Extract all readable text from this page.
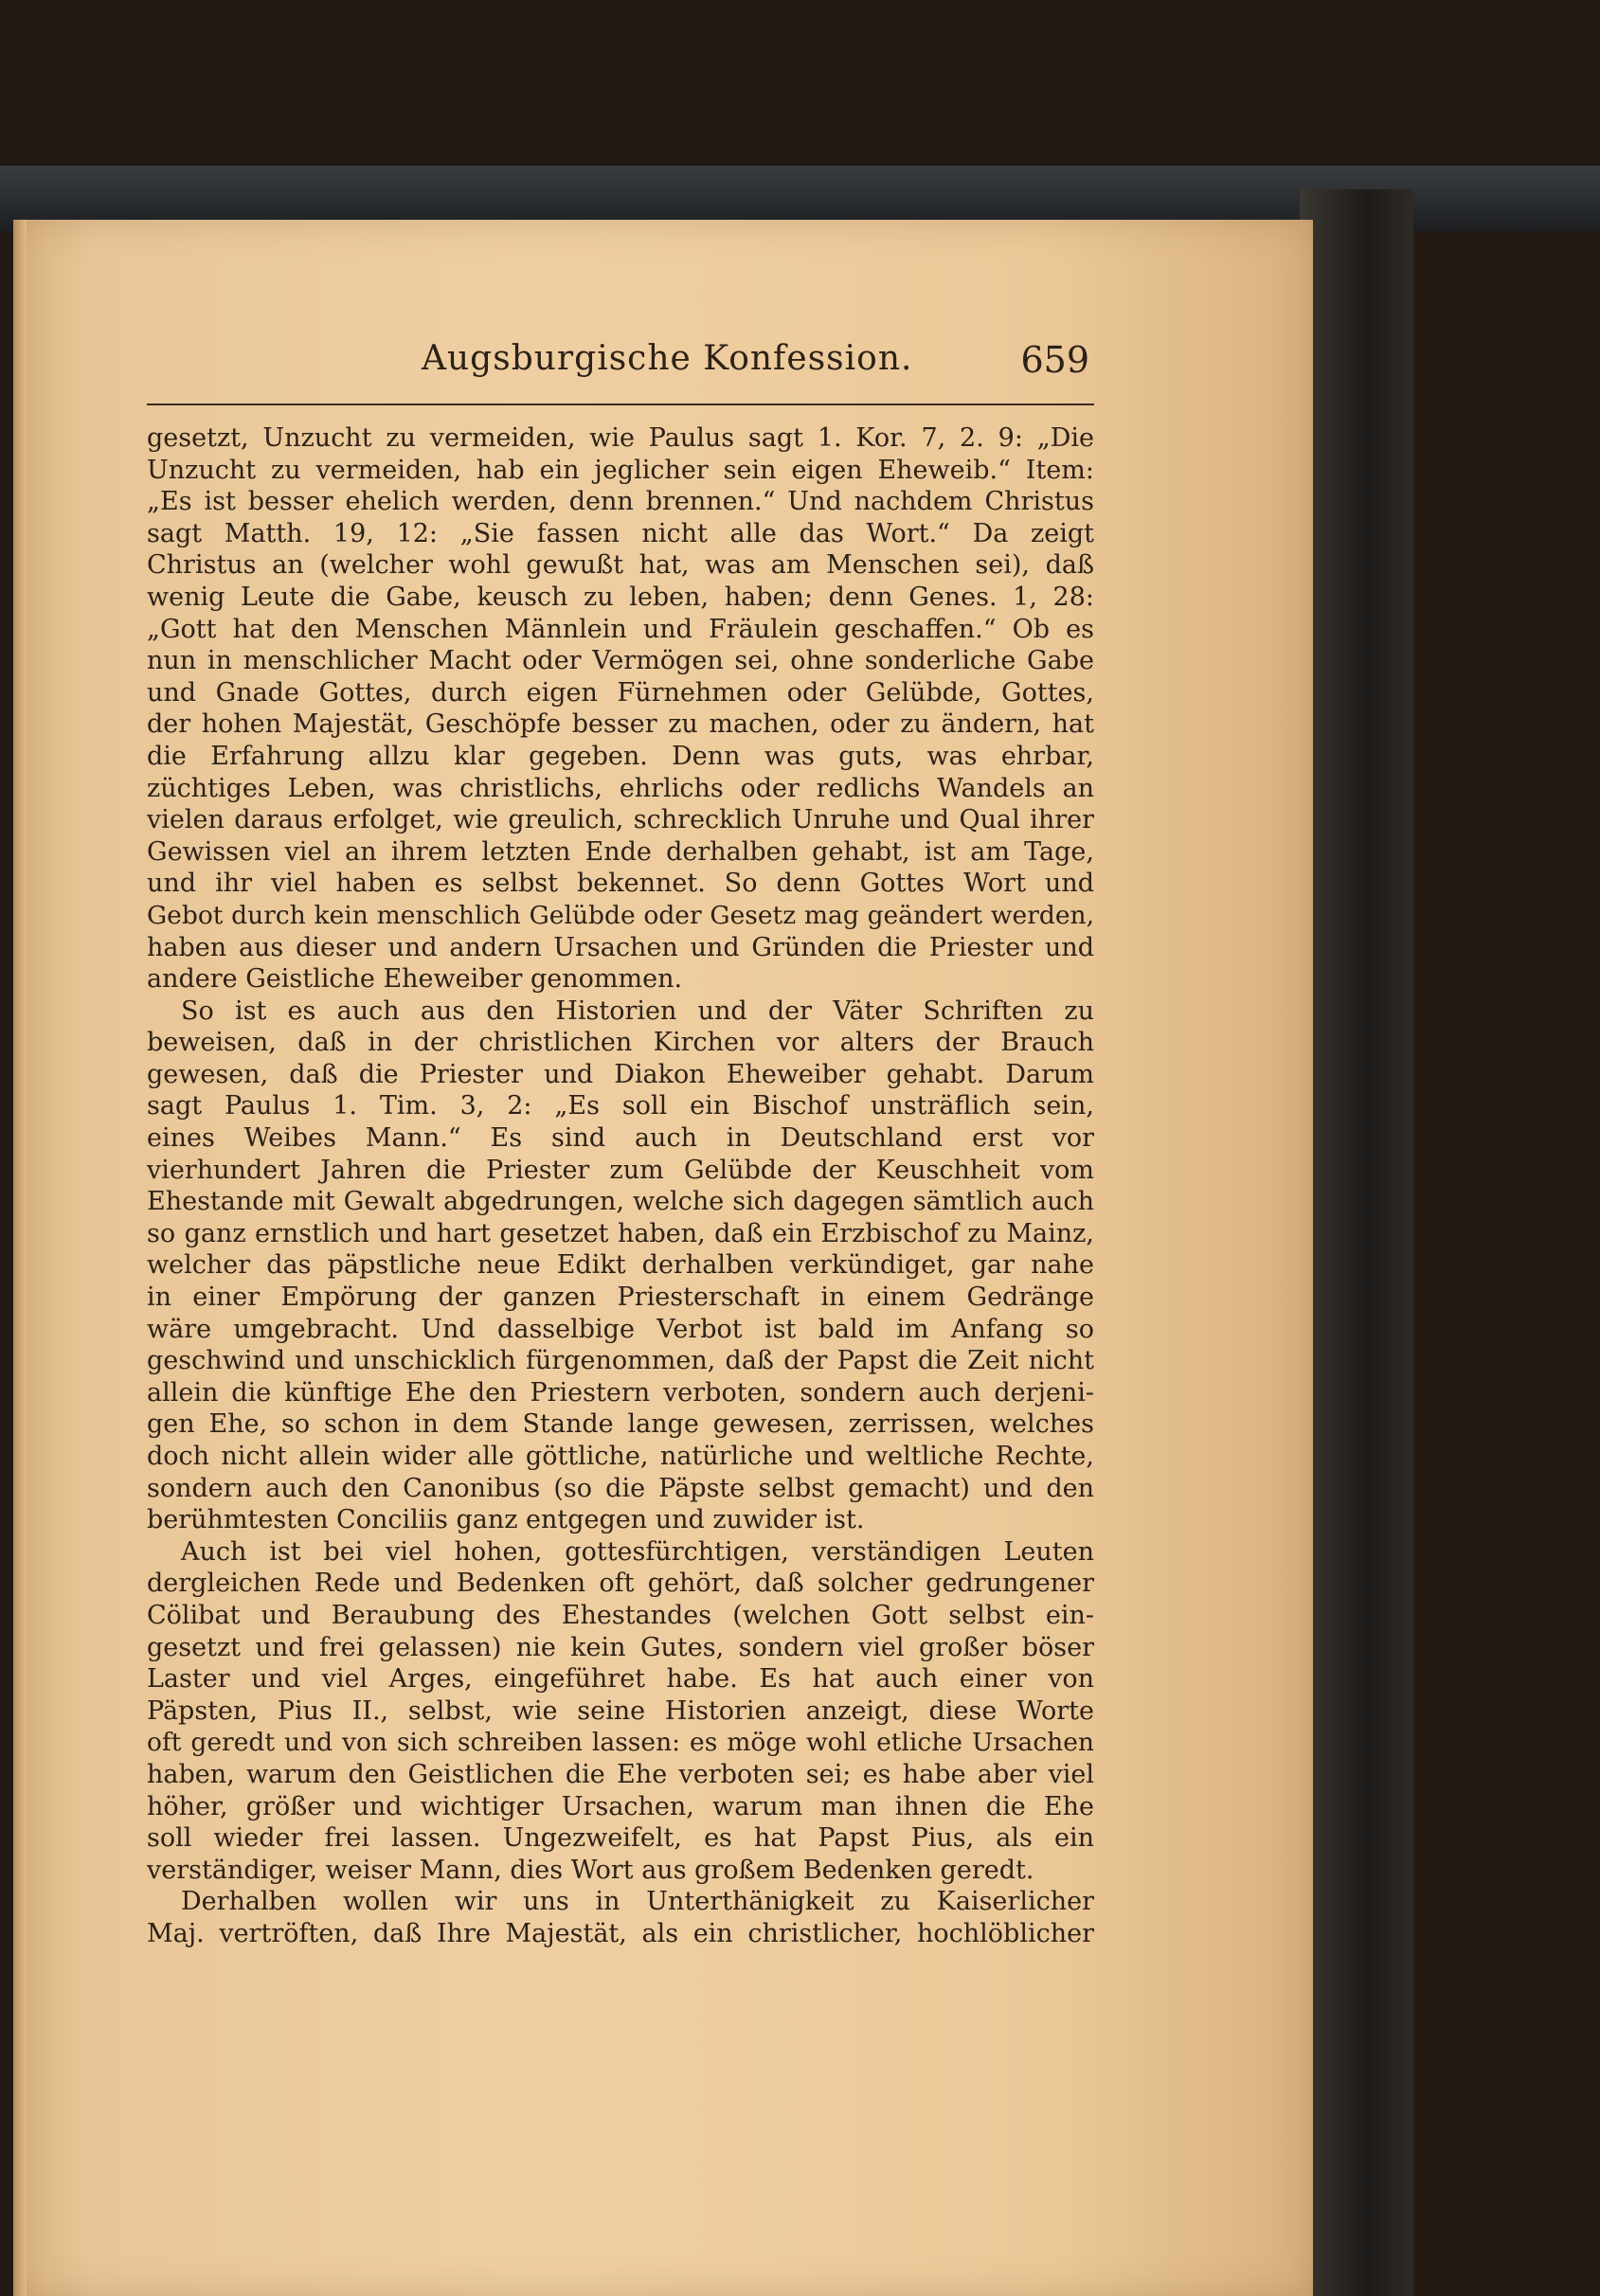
Augsburgische Konfession.	659
gesetzt, Unzucht zu vermeiden, wie Paulus sagt 1. Kor. 7, 2. 9: „Die
Unzucht zu vermeiden, hab ein jeglicher sein eigen Eheweib.“ Item:
„Es ist besser ehelich werden, denn brennen.“ Und nachdem Christus
sagt Matth. 19, 12: „Sie fassen nicht alle das Wort.“ Da zeigt
Christus an (welcher wohl gewußt hat, was am Menschen sei), daß
wenig Leute die Gabe, keusch zu leben, haben; denn Genes. 1, 28:
„Gott hat den Menschen Männlein und Fräulein geschaffen.“ Ob es
nun in menschlicher Macht oder Vermögen sei, ohne sonderliche Gabe
und Gnade Gottes, durch eigen Fürnehmen oder Gelübde, Gottes,
der hohen Majestät, Geschöpfe besser zu machen, oder zu ändern, hat
die Erfahrung allzu klar gegeben. Denn was guts, was ehrbar,
züchtiges Leben, was christlichs, ehrlichs oder redlichs Wandels an
vielen daraus erfolget, wie greulich, schrecklich Unruhe und Qual ihrer
Gewissen viel an ihrem letzten Ende derhalben gehabt, ist am Tage,
und ihr viel haben es selbst bekennet. So denn Gottes Wort und
Gebot durch kein menschlich Gelübde oder Gesetz mag geändert werden,
haben aus dieser und andern Ursachen und Gründen die Priester und
andere Geistliche Eheweiber genommen.
So ist es auch aus den Historien und der Väter Schriften zu
beweisen, daß in der christlichen Kirchen vor alters der Brauch
gewesen, daß die Priester und Diakon Eheweiber gehabt. Darum
sagt Paulus 1. Tim. 3, 2: „Es soll ein Bischof unsträflich sein,
eines Weibes Mann.“ Es sind auch in Deutschland erst vor
vierhundert Jahren die Priester zum Gelübde der Keuschheit vom
Ehestande mit Gewalt abgedrungen, welche sich dagegen sämtlich auch
so ganz ernstlich und hart gesetzet haben, daß ein Erzbischof zu Mainz,
welcher das päpstliche neue Edikt derhalben verkündiget, gar nahe
in einer Empörung der ganzen Priesterschaft in einem Gedränge
wäre umgebracht. Und dasselbige Verbot ist bald im Anfang so
geschwind und unschicklich fürgenommen, daß der Papst die Zeit nicht
allein die künftige Ehe den Priestern verboten, sondern auch derjeni-
gen Ehe, so schon in dem Stande lange gewesen, zerrissen, welches
doch nicht allein wider alle göttliche, natürliche und weltliche Rechte,
sondern auch den Canonibus (so die Päpste selbst gemacht) und den
berühmtesten Conciliis ganz entgegen und zuwider ist.
Auch ist bei viel hohen, gottesfürchtigen, verständigen Leuten
dergleichen Rede und Bedenken oft gehört, daß solcher gedrungener
Cölibat und Beraubung des Ehestandes (welchen Gott selbst ein-
gesetzt und frei gelassen) nie kein Gutes, sondern viel großer böser
Laster und viel Arges, eingeführet habe. Es hat auch einer von
Päpsten, Pius II., selbst, wie seine Historien anzeigt, diese Worte
oft geredt und von sich schreiben lassen: es möge wohl etliche Ursachen
haben, warum den Geistlichen die Ehe verboten sei; es habe aber viel
höher, größer und wichtiger Ursachen, warum man ihnen die Ehe
soll wieder frei lassen. Ungezweifelt, es hat Papst Pius, als ein
verständiger, weiser Mann, dies Wort aus großem Bedenken geredt.
Derhalben wollen wir uns in Unterthänigkeit zu Kaiserlicher
Maj. vertröften, daß Ihre Majestät, als ein christlicher, hochlöblicher
